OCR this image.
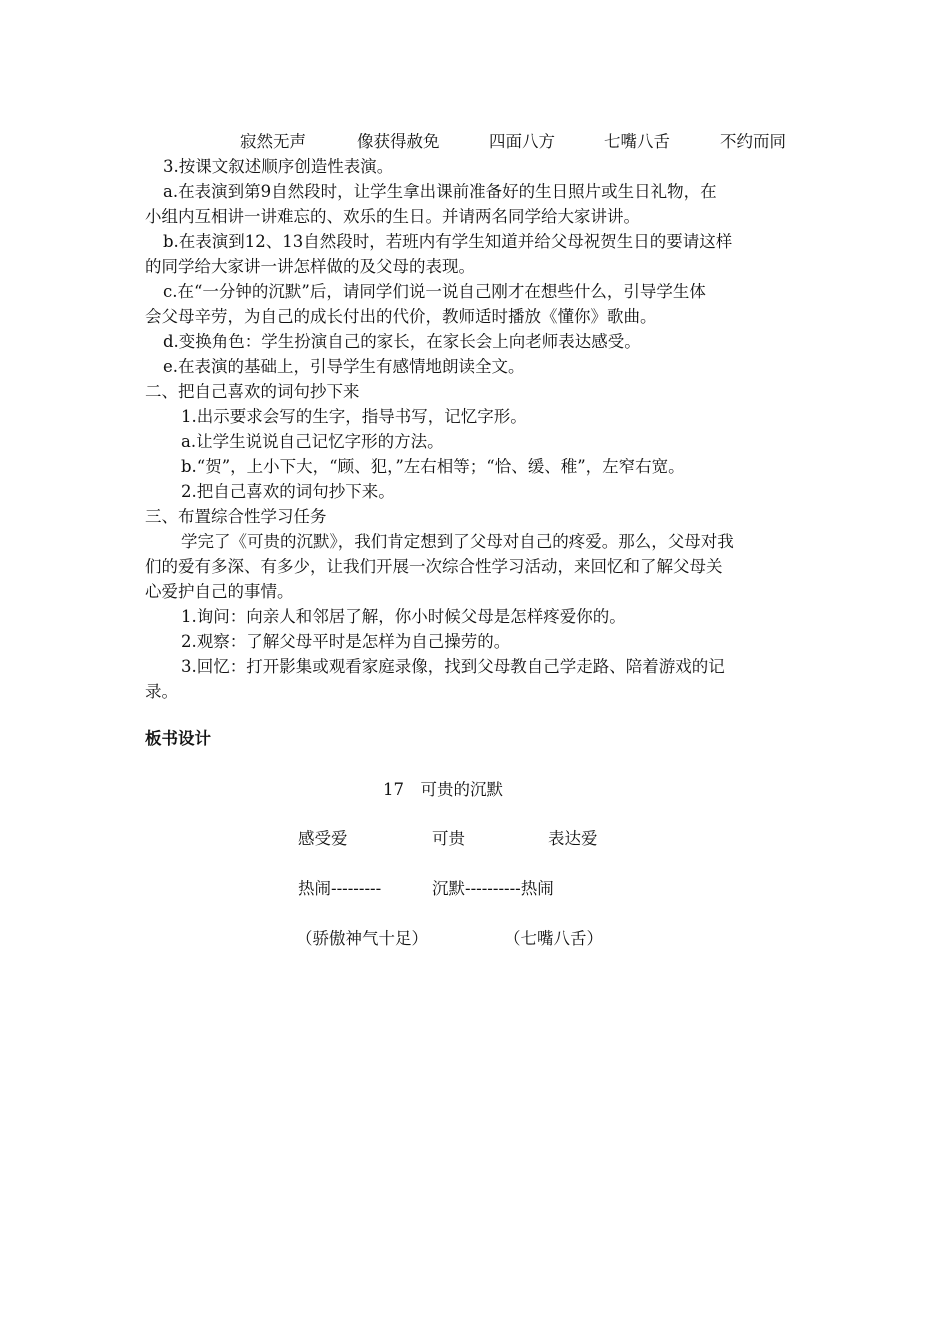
寂然无声	像获得赦免	四面八方	七嘴八舌	不约而同
3.按课文叙述顺序创造性表演。
a.在表演到第9自然段时，让学生拿出课前准备好的生日照片或生日礼物，在
小组内互相讲一讲难忘的、欢乐的生日。并请两名同学给大家讲讲。
b.在表演到12、13自然段时，若班内有学生知道并给父母祝贺生日的要请这样
的同学给大家讲一讲怎样做的及父母的表现。
c.在“一分钟的沉默”后，请同学们说一说自己刚才在想些什么，引导学生体
会父母辛劳，为自己的成长付出的代价，教师适时播放《懂你》歌曲。
d.变换角色：学生扮演自己的家长，在家长会上向老师表达感受。
e.在表演的基础上，引导学生有感情地朗读全文。
二、把自己喜欢的词句抄下来
1.出示要求会写的生字，指导书写，记忆字形。
a.让学生说说自己记忆字形的方法。
b.“贺”，上小下大，“顾、犯，”左右相等；“恰、缓、稚”，左窄右宽。
2.把自己喜欢的词句抄下来。
三、布置综合性学习任务
学完了《可贵的沉默》，我们肯定想到了父母对自己的疼爱。那么，父母对我
们的爱有多深、有多少，让我们开展一次综合性学习活动，来回忆和了解父母关
心爱护自己的事情。
1.询问：向亲人和邻居了解，你小时候父母是怎样疼爱你的。
2.观察：了解父母平时是怎样为自己操劳的。
3.回忆：打开影集或观看家庭录像，找到父母教自己学走路、陪着游戏的记
录。
板书设计
17　可贵的沉默
感受爱	可贵	表达爱
热闹---------	沉默----------热闹
（骄傲神气十足）	（七嘴八舌）
